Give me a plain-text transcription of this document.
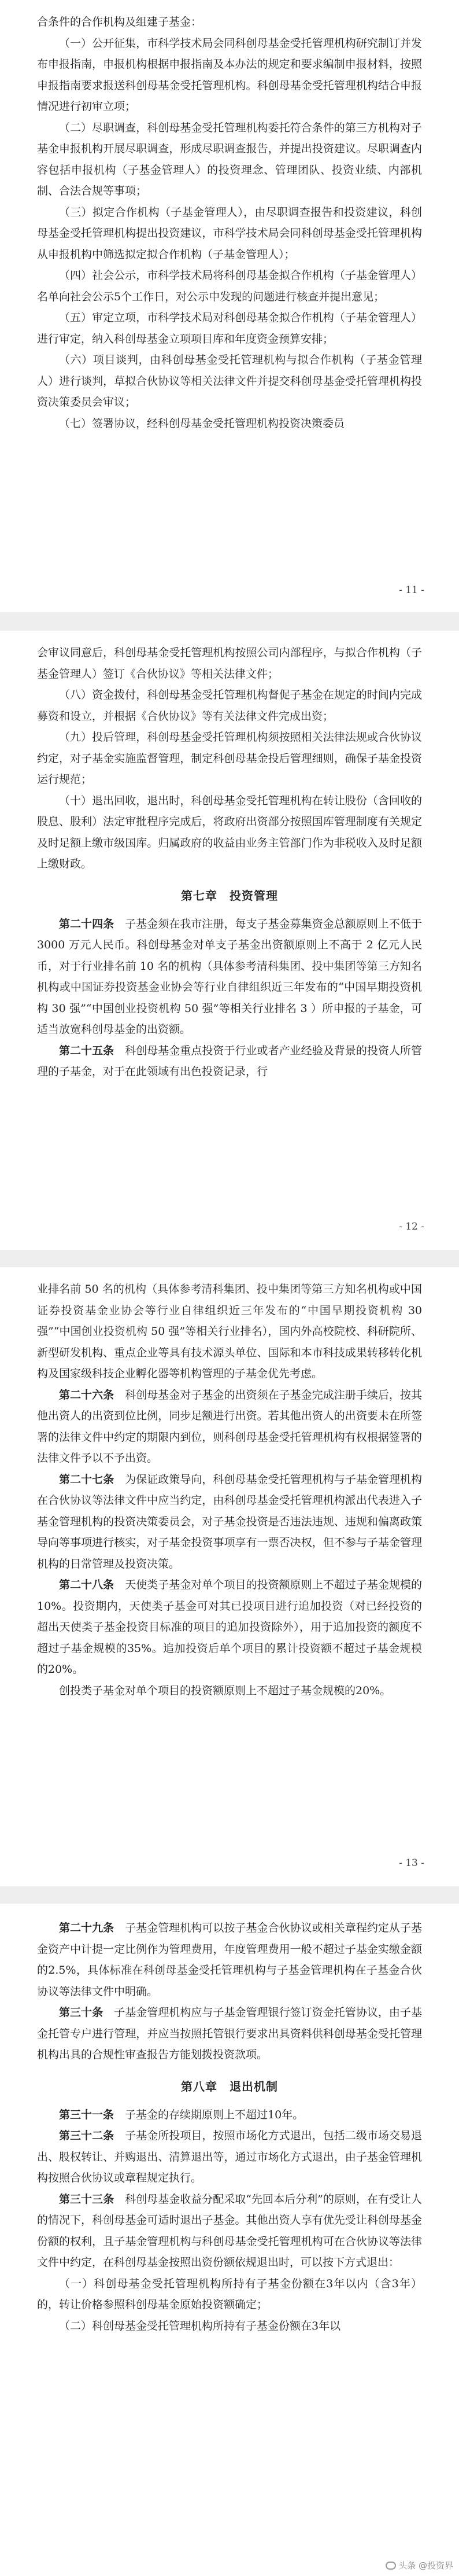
合条件的合作机构及组建子基金：

（一）公开征集，市科学技术局会同科创母基金受托管理机构研究制订并发布申报指南，申报机构根据申报指南及本办法的规定和要求编制申报材料，按照申报指南要求报送科创母基金受托管理机构。科创母基金受托管理机构结合申报情况进行初审立项；

（二）尽职调查，科创母基金受托管理机构委托符合条件的第三方机构对子基金申报机构开展尽职调查，形成尽职调查报告，并提出投资建议。尽职调查内容包括申报机构（子基金管理人）的投资理念、管理团队、投资业绩、内部机制、合法合规等事项；

（三）拟定合作机构（子基金管理人），由尽职调查报告和投资建议，科创母基金受托管理机构提出投资建议，市科学技术局会同科创母基金受托管理机构从申报机构中筛选拟定拟合作机构（子基金管理人）；

（四）社会公示，市科学技术局将科创母基金拟合作机构（子基金管理人）名单向社会公示5个工作日，对公示中发现的问题进行核查并提出意见；

（五）审定立项，市科学技术局对科创母基金拟合作机构（子基金管理人）进行审定，纳入科创母基金立项项目库和年度资金预算安排；

（六）项目谈判，由科创母基金受托管理机构与拟合作机构（子基金管理人）进行谈判，草拟合伙协议等相关法律文件并提交科创母基金受托管理机构投资决策委员会审议；

（七）签署协议，经科创母基金受托管理机构投资决策委员

- 11 -

会审议同意后，科创母基金受托管理机构按照公司内部程序，与拟合作机构（子基金管理人）签订《合伙协议》等相关法律文件；

（八）资金拨付，科创母基金受托管理机构督促子基金在规定的时间内完成募资和设立，并根据《合伙协议》等有关法律文件完成出资；

（九）投后管理，科创母基金受托管理机构须按照相关法律法规或合伙协议约定，对子基金实施监督管理，制定科创母基金投后管理细则，确保子基金投资运行规范；

（十）退出回收，退出时，科创母基金受托管理机构在转让股份（含回收的股息、股利）法定审批程序完成后，将政府出资部分按照国库管理制度有关规定及时足额上缴市级国库。归属政府的收益由业务主管部门作为非税收入及时足额上缴财政。

第七章　投资管理

第二十四条　 子基金须在我市注册，每支子基金募集资金总额原则上不低于 3000 万元人民币。科创母基金对单支子基金出资额原则上不高于 2 亿元人民币，对于行业排名前 10 名的机构（具体参考清科集团、投中集团等第三方知名机构或中国证券投资基金业协会等行业自律组织近三年发布的“中国早期投资机构 30 强”“中国创业投资机构 50 强”等相关行业排名 3 ）所申报的子基金，可适当放宽科创母基金的出资额。

第二十五条　 科创母基金重点投资于行业或者产业经验及背景的投资人所管理的子基金，对于在此领域有出色投资记录，行

- 12 -

业排名前 50 名的机构（具体参考清科集团、投中集团等第三方知名机构或中国证券投资基金业协会等行业自律组织近三年发布的“中国早期投资机构 30 强”“中国创业投资机构 50 强”等相关行业排名），国内外高校院校、科研院所、新型研发机构、重点企业等具有技术源头单位、国际和本市科技成果转移转化机构及国家级科技企业孵化器等机构管理的子基金优先考虑。

第二十六条　 科创母基金对子基金的出资须在子基金完成注册手续后，按其他出资人的出资到位比例，同步足额进行出资。若其他出资人的出资要未在所签署的法律文件中约定的期限内到位，则科创母基金受托管理机构有权根据签署的法律文件予以不予出资。

第二十七条　 为保证政策导向，科创母基金受托管理机构与子基金管理机构在合伙协议等法律文件中应当约定，由科创母基金受托管理机构派出代表进入子基金管理机构的投资决策委员会，对子基金投资是否违法违规、违规和偏离政策导向等事项进行核实，对子基金投资事项享有一票否决权，但不参与子基金管理机构的日常管理及投资决策。

第二十八条　 天使类子基金对单个项目的投资额原则上不超过子基金规模的10%。投资期内，天使类子基金可对其已投项目进行追加投资（对已经投资的超出天使类子基金投资目标准的项目的追加投资除外），用于追加投资的额度不超过子基金规模的35%。追加投资后单个项目的累计投资额不超过子基金规模的20%。

创投类子基金对单个项目的投资额原则上不超过子基金规模的20%。

- 13 -

第二十九条　 子基金管理机构可以按子基金合伙协议或相关章程约定从子基金资产中计提一定比例作为管理费用，年度管理费用一般不超过子基金实缴金额的2.5%，具体标准在科创母基金受托管理机构与子基金管理机构在子基金合伙协议等法律文件中明确。

第三十条　 子基金管理机构应与子基金管理银行签订资金托管协议，由子基金托管专户进行管理，并应当按照托管银行要求出具资料供科创母基金受托管理机构出具的合规性审查报告方能划拨投资款项。

第八章　退出机制

第三十一条　 子基金的存续期原则上不超过10年。

第三十二条　 子基金所投项目，按照市场化方式退出，包括二级市场交易退出、股权转让、并购退出、清算退出等，通过市场化方式退出，由子基金管理机构按照合伙协议或章程规定执行。

第三十三条　 科创母基金收益分配采取“先回本后分利”的原则，在有受让人的情况下，科创母基金可适时退出子基金。其他出资人享有优先受让科创母基金份额的权利，且子基金管理机构与科创母基金受托管理机构可在合伙协议等法律文件中约定，在科创母基金按照出资份额依规退出时，可以按下方式退出：

（一）科创母基金受托管理机构所持有子基金份额在3年以内（含3年）的，转让价格参照科创母基金原始投资额确定；

（二）科创母基金受托管理机构所持有子基金份额在3年以

头条 @投资界
